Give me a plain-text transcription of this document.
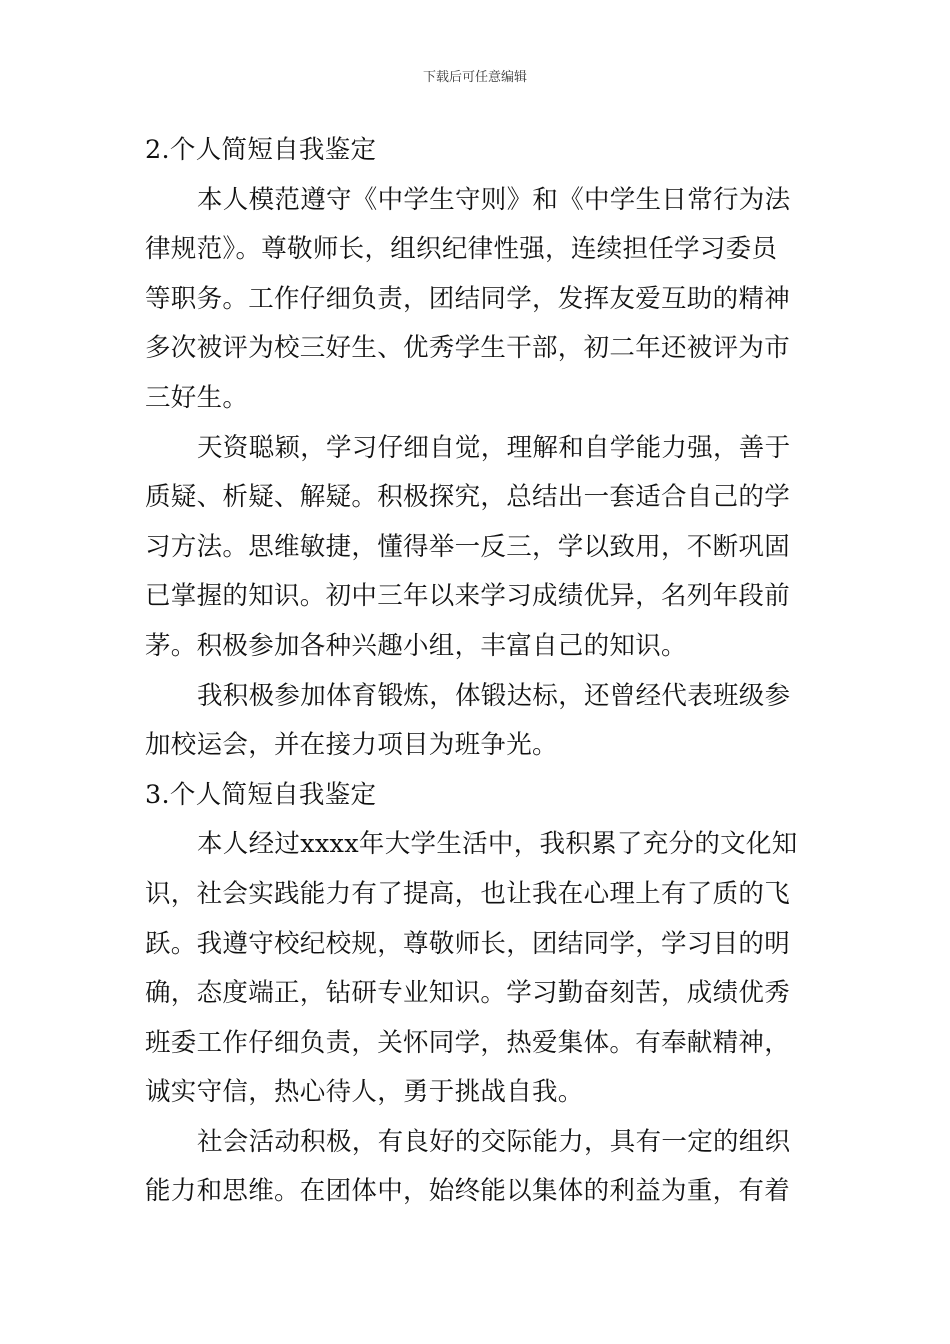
下载后可任意编辑
2.个人简短自我鉴定
本人模范遵守《中学生守则》和《中学生日常行为法
律规范》。尊敬师长，组织纪律性强，连续担任学习委员
等职务。工作仔细负责，团结同学，发挥友爱互助的精神
多次被评为校三好生、优秀学生干部，初二年还被评为市
三好生。
天资聪颖，学习仔细自觉，理解和自学能力强，善于
质疑、析疑、解疑。积极探究，总结出一套适合自己的学
习方法。思维敏捷，懂得举一反三，学以致用，不断巩固
已掌握的知识。初中三年以来学习成绩优异，名列年段前
茅。积极参加各种兴趣小组，丰富自己的知识。
我积极参加体育锻炼，体锻达标，还曾经代表班级参
加校运会，并在接力项目为班争光。
3.个人简短自我鉴定
本人经过xxxx年大学生活中，我积累了充分的文化知
识，社会实践能力有了提高，也让我在心理上有了质的飞
跃。我遵守校纪校规，尊敬师长，团结同学，学习目的明
确，态度端正，钻研专业知识。学习勤奋刻苦，成绩优秀
班委工作仔细负责，关怀同学，热爱集体。有奉献精神，
诚实守信，热心待人，勇于挑战自我。
社会活动积极，有良好的交际能力，具有一定的组织
能力和思维。在团体中，始终能以集体的利益为重，有着
